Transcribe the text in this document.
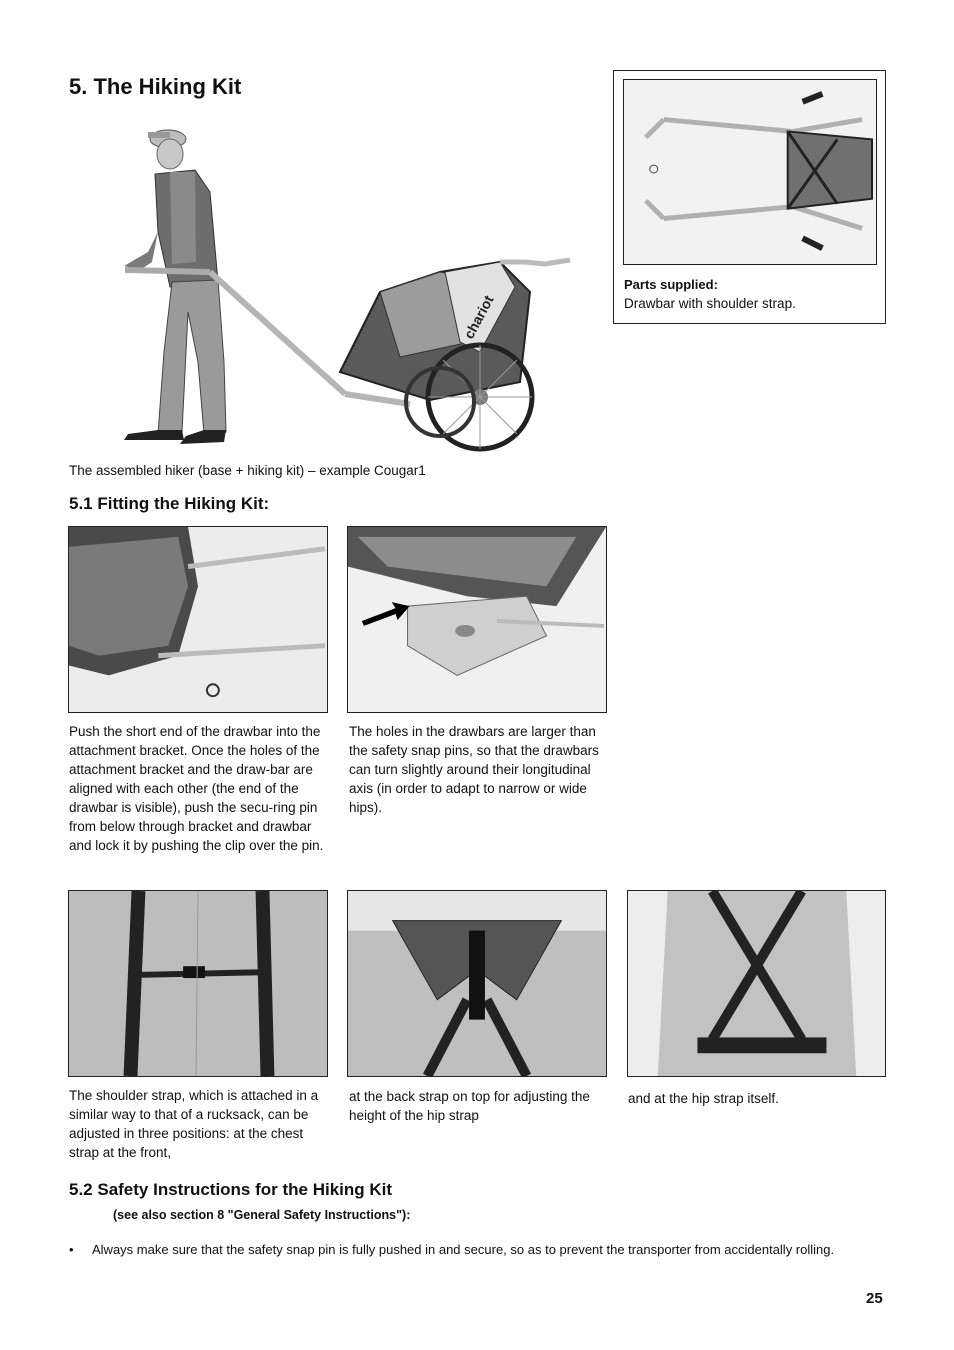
5. The Hiking Kit
chariot
The assembled hiker (base + hiking kit) – example Cougar1
Parts supplied:
Drawbar with shoulder strap.
5.1 Fitting the Hiking Kit:
Push the short end of the drawbar into the attachment bracket. Once the holes of the attachment bracket and the draw-bar are aligned with each other (the end of the drawbar is visible), push the secu-ring pin from below through bracket and drawbar and lock it by pushing the clip over the pin.
The holes in the drawbars are larger than the safety snap pins, so that the drawbars can turn slightly around their longitudinal axis (in order to adapt to narrow or wide hips).
The shoulder strap, which is attached in a similar way to that of a rucksack, can be adjusted in three positions: at the chest strap at the front,
at the back strap on top for adjusting the height of the hip strap
and at the hip strap itself.
5.2 Safety Instructions for the Hiking Kit
(see also section 8 "General Safety Instructions"):
• Always make sure that the safety snap pin is fully pushed in and secure, so as to prevent the transporter from accidentally rolling.
25
